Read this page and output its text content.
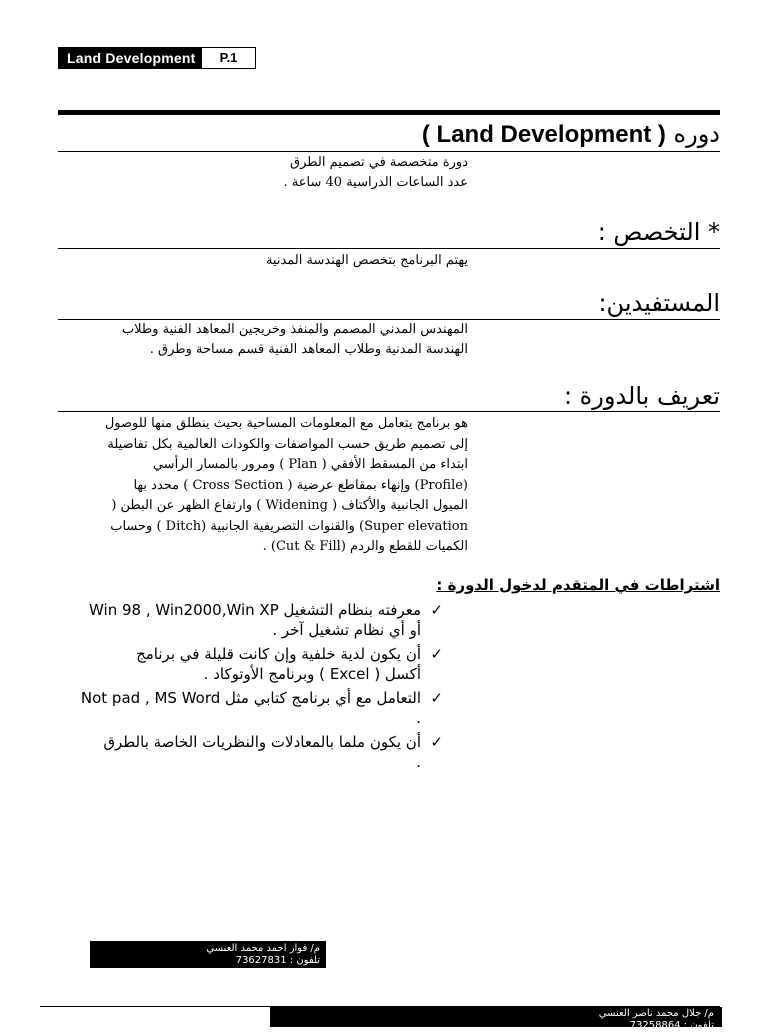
Land Development	P.1
دوره ( Land Development )
دورة متخصصة في تصميم الطرق
عدد الساعات الدراسية 40 ساعة .
* التخصص :
يهتم البرنامج بتخصص الهندسة المدنية
المستفيدين:
المهندس المدني المصمم والمنفذ وخريجين المعاهد الفنية وطلاب
الهندسة المدنية وطلاب المعاهد الفنية قسم مساحة وطرق .
تعريف بالدورة :
هو برنامج يتعامل مع المعلومات المساحية بحيث ينطلق منها للوصول
إلى تصميم طريق حسب المواصفات والكودات العالمية بكل تفاصيلة
ابتداء من المسقط الأفقي ( Plan ) ومرور بالمسار الرأسي
(Profile) وإنهاء بمقاطع عرضية ( Cross Section ) محدد بها
الميول الجانبية والأكتاف ( Widening ) وارتفاع الظهر عن البطن (
Super elevation) والقنوات التصريفية الجانبية (Ditch ) وحساب
الكميات للقطع والردم (Cut & Fill) .
اشتراطات في المتقدم لدخول الدورة :
✓
معرفته بنظام التشغيل Win 98 , Win2000,Win XP
أو أي نظام تشغيل آخر .
✓
أن يكون لدية خلفية وإن كانت قليلة في برنامج
أكسل ( Excel ) وبرنامج الأوتوكاد .
✓
التعامل مع أي برنامج كتابي مثل Not pad , MS Word
.
✓
أن يكون ملما بالمعادلات والنظريات الخاصة بالطرق
.
م/ فواز احمد محمد العنسي
تلفون : 73627831
م/ جلال محمد ناصر العنسي
تلفون : 73258864
